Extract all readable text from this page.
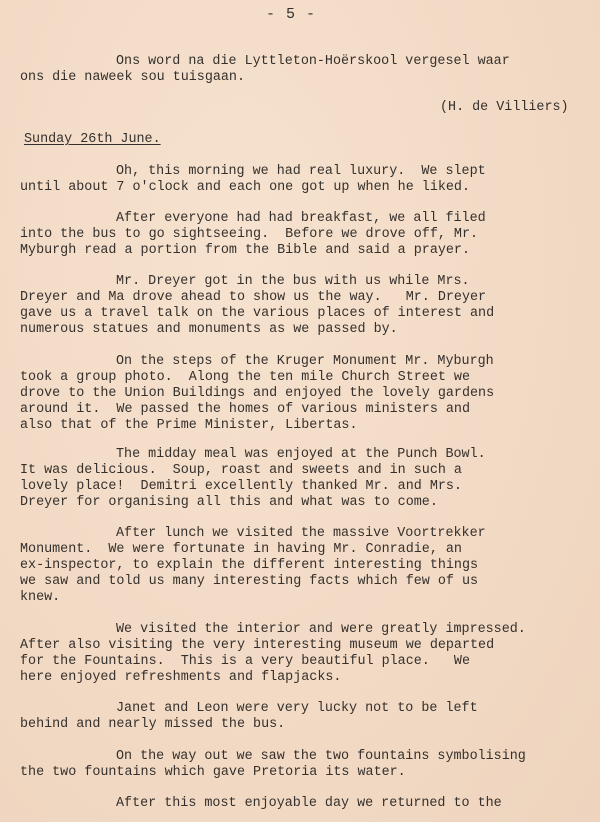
- 5 -
Ons word na die Lyttleton-Hoërskool vergesel waar
ons die naweek sou tuisgaan.
(H. de Villiers)
Sunday 26th June.
Oh, this morning we had real luxury.  We slept
until about 7 o'clock and each one got up when he liked.
After everyone had had breakfast, we all filed
into the bus to go sightseeing.  Before we drove off, Mr.
Myburgh read a portion from the Bible and said a prayer.
Mr. Dreyer got in the bus with us while Mrs.
Dreyer and Ma drove ahead to show us the way.   Mr. Dreyer
gave us a travel talk on the various places of interest and
numerous statues and monuments as we passed by.
On the steps of the Kruger Monument Mr. Myburgh
took a group photo.  Along the ten mile Church Street we
drove to the Union Buildings and enjoyed the lovely gardens
around it.  We passed the homes of various ministers and
also that of the Prime Minister, Libertas.
The midday meal was enjoyed at the Punch Bowl.
It was delicious.  Soup, roast and sweets and in such a
lovely place!  Demitri excellently thanked Mr. and Mrs.
Dreyer for organising all this and what was to come.
After lunch we visited the massive Voortrekker
Monument.  We were fortunate in having Mr. Conradie, an
ex-inspector, to explain the different interesting things
we saw and told us many interesting facts which few of us
knew.
We visited the interior and were greatly impressed.
After also visiting the very interesting museum we departed
for the Fountains.  This is a very beautiful place.   We
here enjoyed refreshments and flapjacks.
Janet and Leon were very lucky not to be left
behind and nearly missed the bus.
On the way out we saw the two fountains symbolising
the two fountains which gave Pretoria its water.
After this most enjoyable day we returned to the
